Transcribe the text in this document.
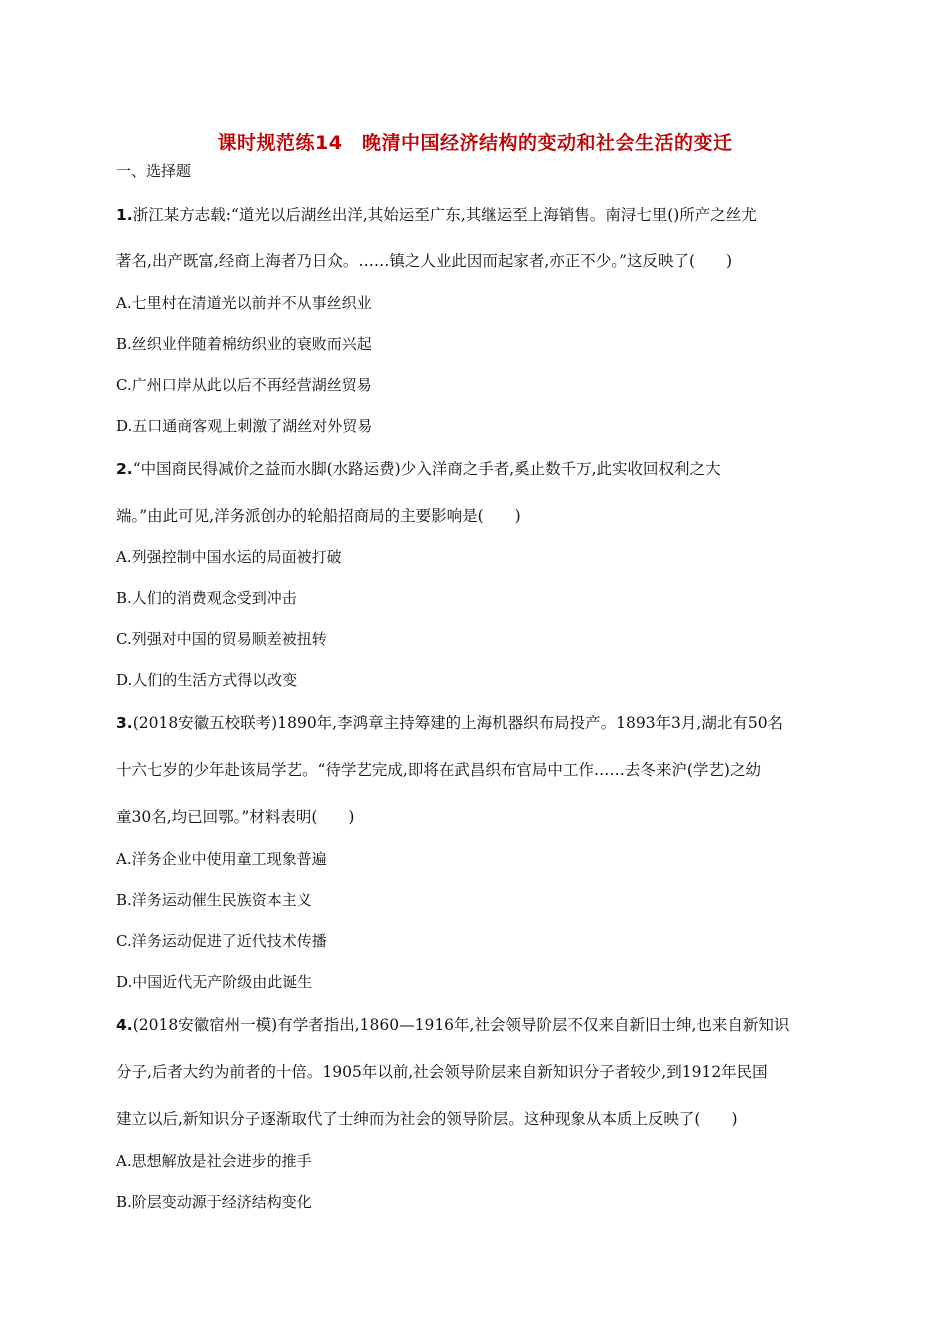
课时规范练14　晚清中国经济结构的变动和社会生活的变迁
一、选择题
1.浙江某方志载:“道光以后湖丝出洋,其始运至广东,其继运至上海销售。南浔七里()所产之丝尤
著名,出产既富,经商上海者乃日众。……镇之人业此因而起家者,亦正不少。”这反映了(　　)
A.七里村在清道光以前并不从事丝织业
B.丝织业伴随着棉纺织业的衰败而兴起
C.广州口岸从此以后不再经营湖丝贸易
D.五口通商客观上刺激了湖丝对外贸易
2.“中国商民得减价之益而水脚(水路运费)少入洋商之手者,奚止数千万,此实收回权利之大
端。”由此可见,洋务派创办的轮船招商局的主要影响是(　　)
A.列强控制中国水运的局面被打破
B.人们的消费观念受到冲击
C.列强对中国的贸易顺差被扭转
D.人们的生活方式得以改变
3.(2018安徽五校联考)1890年,李鸿章主持筹建的上海机器织布局投产。1893年3月,湖北有50名
十六七岁的少年赴该局学艺。“待学艺完成,即将在武昌织布官局中工作……去冬来沪(学艺)之幼
童30名,均已回鄂。”材料表明(　　)
A.洋务企业中使用童工现象普遍
B.洋务运动催生民族资本主义
C.洋务运动促进了近代技术传播
D.中国近代无产阶级由此诞生
4.(2018安徽宿州一模)有学者指出,1860—1916年,社会领导阶层不仅来自新旧士绅,也来自新知识
分子,后者大约为前者的十倍。1905年以前,社会领导阶层来自新知识分子者较少,到1912年民国
建立以后,新知识分子逐渐取代了士绅而为社会的领导阶层。这种现象从本质上反映了(　　)
A.思想解放是社会进步的推手
B.阶层变动源于经济结构变化
